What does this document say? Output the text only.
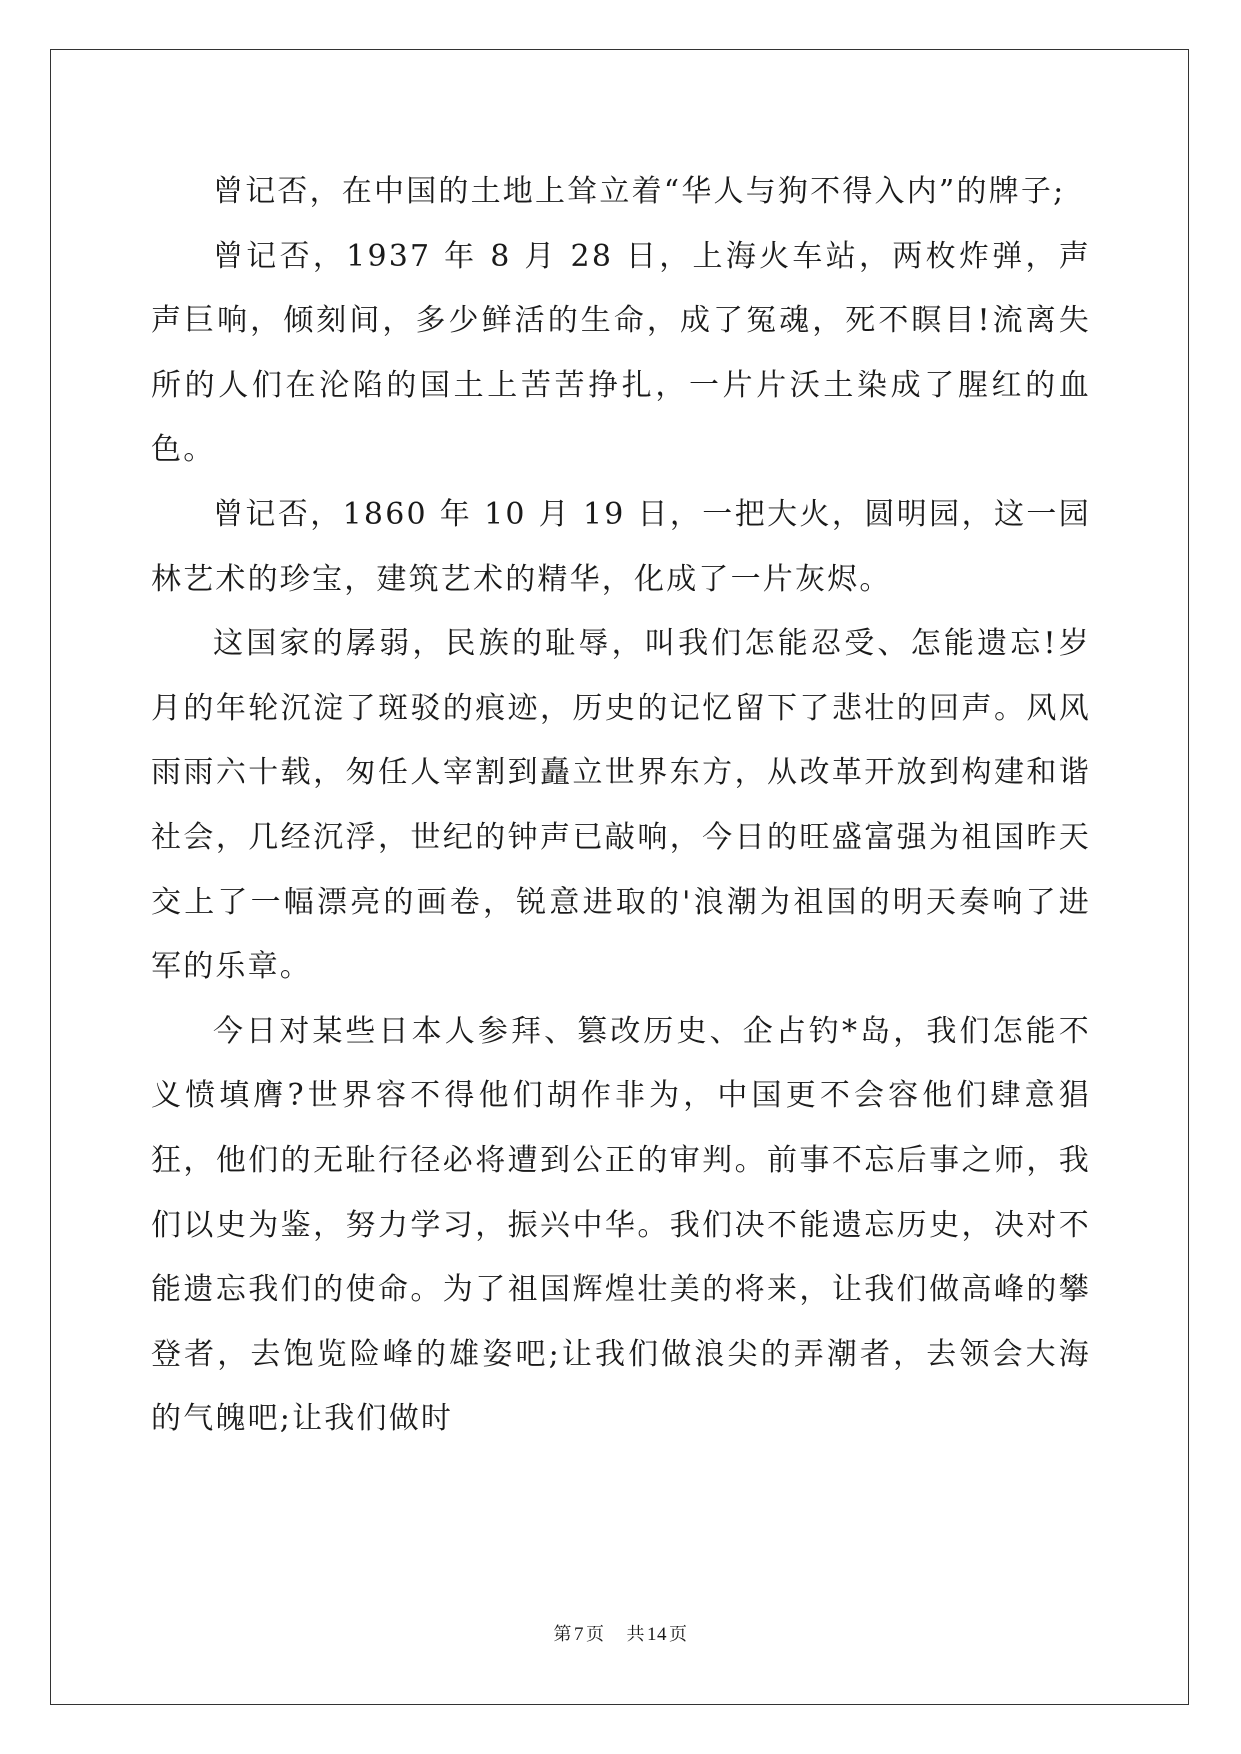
曾记否，在中国的土地上耸立着“华人与狗不得入内”的牌子;

曾记否，1937 年 8 月 28 日，上海火车站，两枚炸弹，声声巨响，倾刻间，多少鲜活的生命，成了冤魂，死不瞑目!流离失所的人们在沦陷的国土上苦苦挣扎，一片片沃土染成了腥红的血色。

曾记否，1860 年 10 月 19 日，一把大火，圆明园，这一园林艺术的珍宝，建筑艺术的精华，化成了一片灰烬。

这国家的孱弱，民族的耻辱，叫我们怎能忍受、怎能遗忘!岁月的年轮沉淀了斑驳的痕迹，历史的记忆留下了悲壮的回声。风风雨雨六十载，匆任人宰割到矗立世界东方，从改革开放到构建和谐社会，几经沉浮，世纪的钟声已敲响，今日的旺盛富强为祖国昨天交上了一幅漂亮的画卷，锐意进取的'浪潮为祖国的明天奏响了进军的乐章。

今日对某些日本人参拜、篡改历史、企占钓*岛，我们怎能不义愤填膺?世界容不得他们胡作非为，中国更不会容他们肆意猖狂，他们的无耻行径必将遭到公正的审判。前事不忘后事之师，我们以史为鉴，努力学习，振兴中华。我们决不能遗忘历史，决对不能遗忘我们的使命。为了祖国辉煌壮美的将来，让我们做高峰的攀登者，去饱览险峰的雄姿吧;让我们做浪尖的弄潮者，去领会大海的气魄吧;让我们做时

第 7 页 共 14 页
